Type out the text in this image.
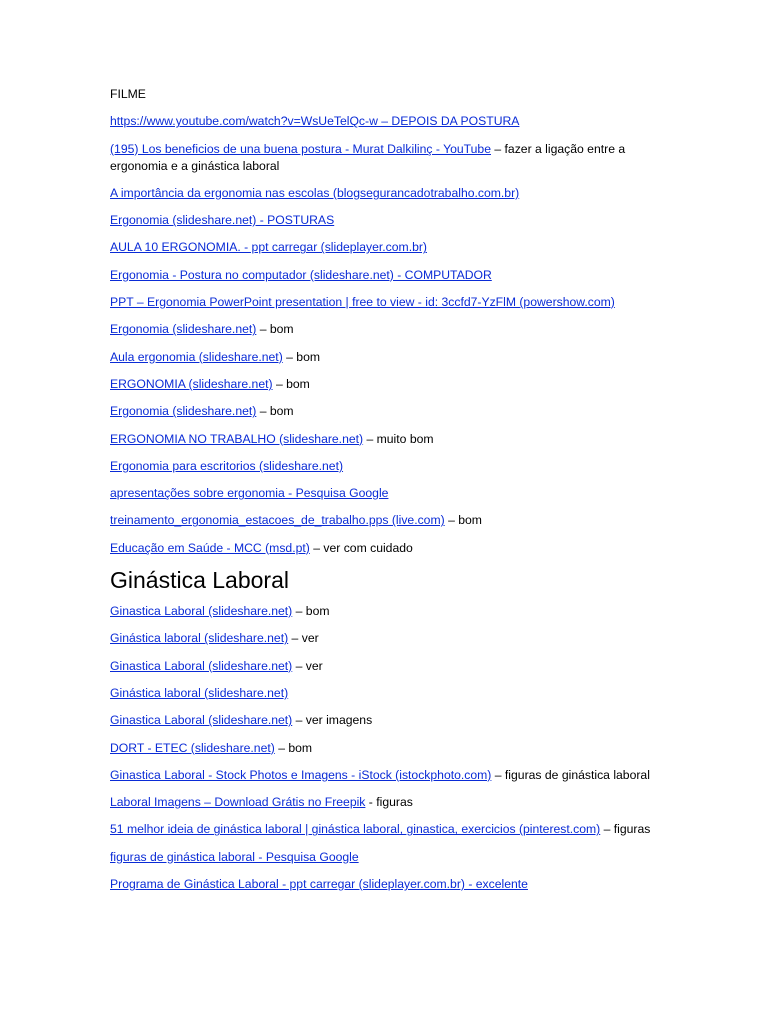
FILME

https://www.youtube.com/watch?v=WsUeTelQc-w – DEPOIS DA POSTURA

(195) Los beneficios de una buena postura - Murat Dalkilinç - YouTube – fazer a ligação entre a ergonomia e a ginástica laboral

A importância da ergonomia nas escolas (blogsegurancadotrabalho.com.br)

Ergonomia (slideshare.net) - POSTURAS

AULA 10 ERGONOMIA. - ppt carregar (slideplayer.com.br)

Ergonomia - Postura no computador (slideshare.net) - COMPUTADOR

PPT – Ergonomia PowerPoint presentation | free to view - id: 3ccfd7-YzFlM (powershow.com)

Ergonomia (slideshare.net) – bom

Aula ergonomia (slideshare.net) – bom

ERGONOMIA (slideshare.net) – bom

Ergonomia (slideshare.net) – bom

ERGONOMIA NO TRABALHO (slideshare.net) – muito bom

Ergonomia para escritorios (slideshare.net)

apresentações sobre ergonomia - Pesquisa Google

treinamento_ergonomia_estacoes_de_trabalho.pps (live.com) – bom

Educação em Saúde - MCC (msd.pt) – ver com cuidado

Ginástica Laboral

Ginastica Laboral (slideshare.net) – bom

Ginástica laboral (slideshare.net) – ver

Ginastica Laboral (slideshare.net) – ver

Ginástica laboral (slideshare.net)

Ginastica Laboral (slideshare.net) – ver imagens

DORT - ETEC (slideshare.net) – bom

Ginastica Laboral - Stock Photos e Imagens - iStock (istockphoto.com) – figuras de ginástica laboral

Laboral Imagens – Download Grátis no Freepik - figuras

51 melhor ideia de ginástica laboral | ginástica laboral, ginastica, exercicios (pinterest.com) – figuras

figuras de ginástica laboral - Pesquisa Google

Programa de Ginástica Laboral - ppt carregar (slideplayer.com.br) - excelente
